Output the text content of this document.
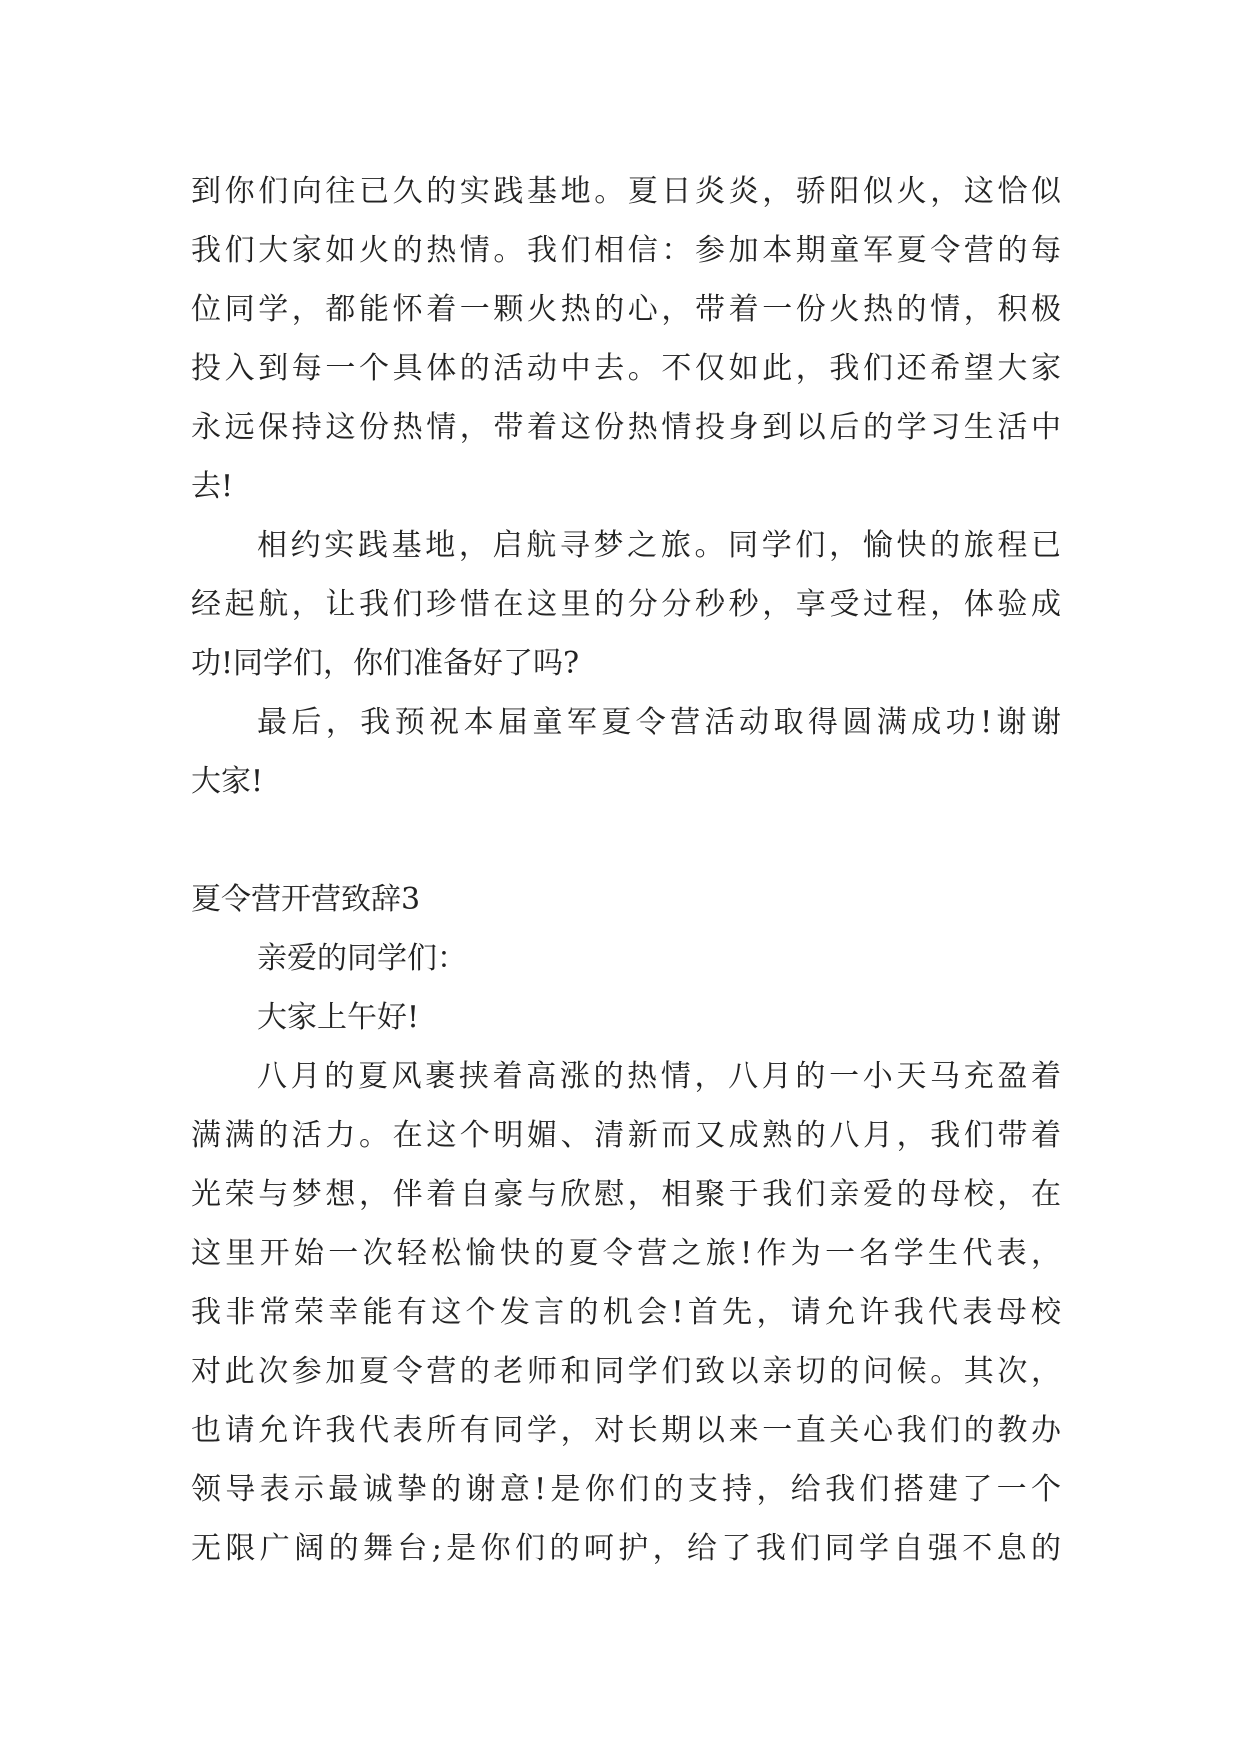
到你们向往已久的实践基地。夏日炎炎，骄阳似火，这恰似
我们大家如火的热情。我们相信：参加本期童军夏令营的每
位同学，都能怀着一颗火热的心，带着一份火热的情，积极
投入到每一个具体的活动中去。不仅如此，我们还希望大家
永远保持这份热情，带着这份热情投身到以后的学习生活中
去!
相约实践基地，启航寻梦之旅。同学们，愉快的旅程已
经起航，让我们珍惜在这里的分分秒秒，享受过程，体验成
功!同学们，你们准备好了吗?
最后，我预祝本届童军夏令营活动取得圆满成功!谢谢
大家!
夏令营开营致辞3
亲爱的同学们：
大家上午好!
八月的夏风裹挟着高涨的热情，八月的一小天马充盈着
满满的活力。在这个明媚、清新而又成熟的八月，我们带着
光荣与梦想，伴着自豪与欣慰，相聚于我们亲爱的母校，在
这里开始一次轻松愉快的夏令营之旅!作为一名学生代表，
我非常荣幸能有这个发言的机会!首先，请允许我代表母校
对此次参加夏令营的老师和同学们致以亲切的问候。其次，
也请允许我代表所有同学，对长期以来一直关心我们的教办
领导表示最诚挚的谢意!是你们的支持，给我们搭建了一个
无限广阔的舞台;是你们的呵护，给了我们同学自强不息的
